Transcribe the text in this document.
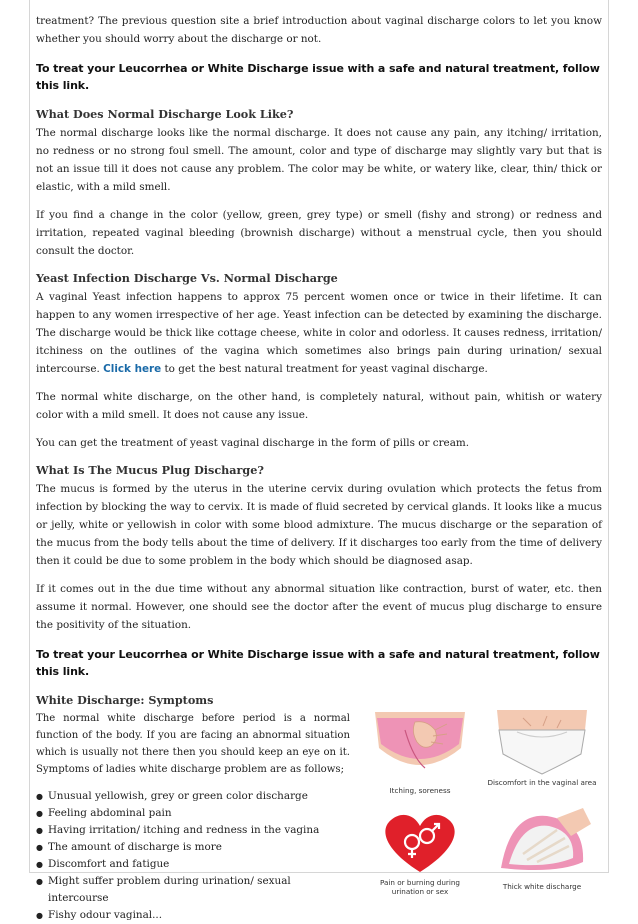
treatment? The previous question site a brief introduction about vaginal discharge colors to let you know whether you should worry about the discharge or not.

To treat your Leucorrhea or White Discharge issue with a safe and natural treatment, follow this link.

What Does Normal Discharge Look Like?

The normal discharge looks like the normal discharge. It does not cause any pain, any itching/ irritation, no redness or no strong foul smell. The amount, color and type of discharge may slightly vary but that is not an issue till it does not cause any problem. The color may be white, or watery like, clear, thin/ thick or elastic, with a mild smell.

If you find a change in the color (yellow, green, grey type) or smell (fishy and strong) or redness and irritation, repeated vaginal bleeding (brownish discharge) without a menstrual cycle, then you should consult the doctor.

Yeast Infection Discharge Vs. Normal Discharge

A vaginal Yeast infection happens to approx 75 percent women once or twice in their lifetime. It can happen to any women irrespective of her age. Yeast infection can be detected by examining the discharge. The discharge would be thick like cottage cheese, white in color and odorless. It causes redness, irritation/ itchiness on the outlines of the vagina which sometimes also brings pain during urination/ sexual intercourse. Click here to get the best natural treatment for yeast vaginal discharge.

The normal white discharge, on the other hand, is completely natural, without pain, whitish or watery color with a mild smell. It does not cause any issue.

You can get the treatment of yeast vaginal discharge in the form of pills or cream.

What Is The Mucus Plug Discharge?

The mucus is formed by the uterus in the uterine cervix during ovulation which protects the fetus from infection by blocking the way to cervix. It is made of fluid secreted by cervical glands. It looks like a mucus or jelly, white or yellowish in color with some blood admixture. The mucus discharge or the separation of the mucus from the body tells about the time of delivery. If it discharges too early from the time of delivery then it could be due to some problem in the body which should be diagnosed asap.

If it comes out in the due time without any abnormal situation like contraction, burst of water, etc. then assume it normal. However, one should see the doctor after the event of mucus plug discharge to ensure the positivity of the situation.

To treat your Leucorrhea or White Discharge issue with a safe and natural treatment, follow this link.

White Discharge: Symptoms

The normal white discharge before period is a normal function of the body. If you are facing an abnormal situation which is usually not there then you should keep an eye on it. Symptoms of ladies white discharge problem are as follows;

● Unusual yellowish, grey or green color discharge
● Feeling abdominal pain
● Having irritation/ itching and redness in the vagina
● The amount of discharge is more
● Discomfort and fatigue
● Might suffer problem during urination/ sexual intercourse
● Fishy odour vaginal...
Itching, soreness
Discomfort in the vaginal area
Pain or burning during urination or sex
Thick white discharge
